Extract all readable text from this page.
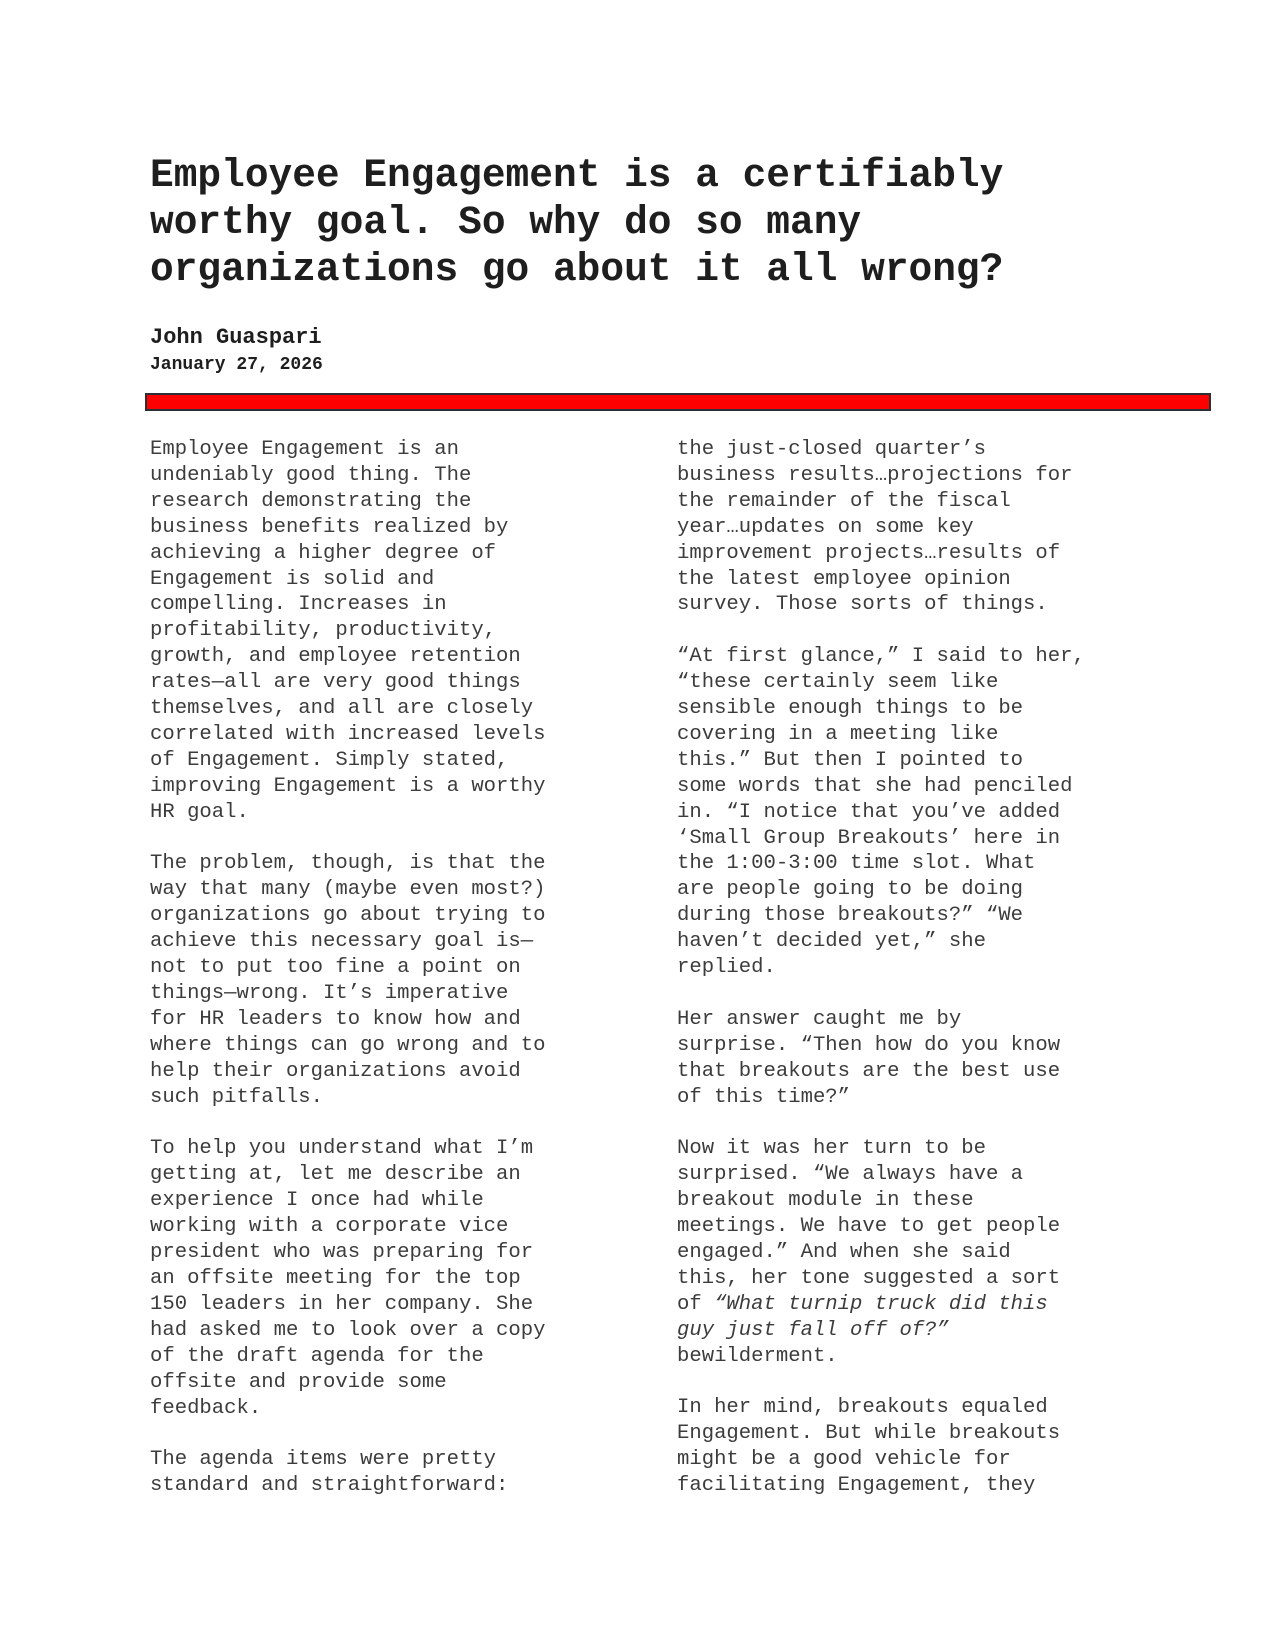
Employee Engagement is a certifiably
worthy goal. So why do so many
organizations go about it all wrong?
John Guaspari
January 27, 2026

Employee Engagement is an
undeniably good thing. The
research demonstrating the
business benefits realized by
achieving a higher degree of
Engagement is solid and
compelling. Increases in
profitability, productivity,
growth, and employee retention
rates—all are very good things
themselves, and all are closely
correlated with increased levels
of Engagement. Simply stated,
improving Engagement is a worthy
HR goal.

The problem, though, is that the
way that many (maybe even most?)
organizations go about trying to
achieve this necessary goal is—
not to put too fine a point on
things—wrong. It’s imperative
for HR leaders to know how and
where things can go wrong and to
help their organizations avoid
such pitfalls.

To help you understand what I’m
getting at, let me describe an
experience I once had while
working with a corporate vice
president who was preparing for
an offsite meeting for the top
150 leaders in her company. She
had asked me to look over a copy
of the draft agenda for the
offsite and provide some
feedback.

The agenda items were pretty
standard and straightforward:

the just-closed quarter’s
business results…projections for
the remainder of the fiscal
year…updates on some key
improvement projects…results of
the latest employee opinion
survey. Those sorts of things.

“At first glance,” I said to her,
“these certainly seem like
sensible enough things to be
covering in a meeting like
this.” But then I pointed to
some words that she had penciled
in. “I notice that you’ve added
‘Small Group Breakouts’ here in
the 1:00-3:00 time slot. What
are people going to be doing
during those breakouts?” “We
haven’t decided yet,” she
replied.

Her answer caught me by
surprise. “Then how do you know
that breakouts are the best use
of this time?”

Now it was her turn to be
surprised. “We always have a
breakout module in these
meetings. We have to get people
engaged.” And when she said
this, her tone suggested a sort
of “What turnip truck did this
guy just fall off of?”
bewilderment.

In her mind, breakouts equaled
Engagement. But while breakouts
might be a good vehicle for
facilitating Engagement, they
